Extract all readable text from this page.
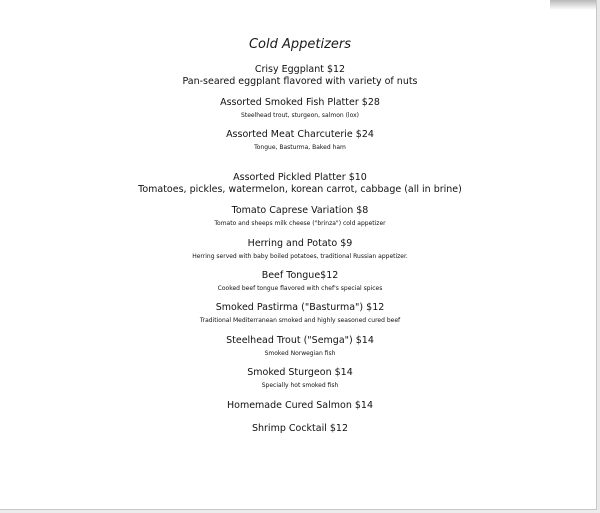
Cold Appetizers
Crisy Eggplant $12
Pan-seared eggplant flavored with variety of nuts
Assorted Smoked Fish Platter $28
Steelhead trout, sturgeon, salmon (lox)
Assorted Meat Charcuterie $24
Tongue, Basturma, Baked ham
Assorted Pickled Platter $10
Tomatoes, pickles, watermelon, korean carrot, cabbage (all in brine)
Tomato Caprese Variation $8
Tomato and sheeps milk cheese ("brinza") cold appetizer
Herring and Potato $9
Herring served with baby boiled potatoes, traditional Russian appetizer.
Beef Tongue$12
Cooked beef tongue flavored with chef's special spices
Smoked Pastirma ("Basturma") $12
Traditional Mediterranean smoked and highly seasoned cured beef
Steelhead Trout ("Semga") $14
Smoked Norwegian fish
Smoked Sturgeon $14
Specially hot smoked fish
Homemade Cured Salmon $14
Shrimp Cocktail $12
